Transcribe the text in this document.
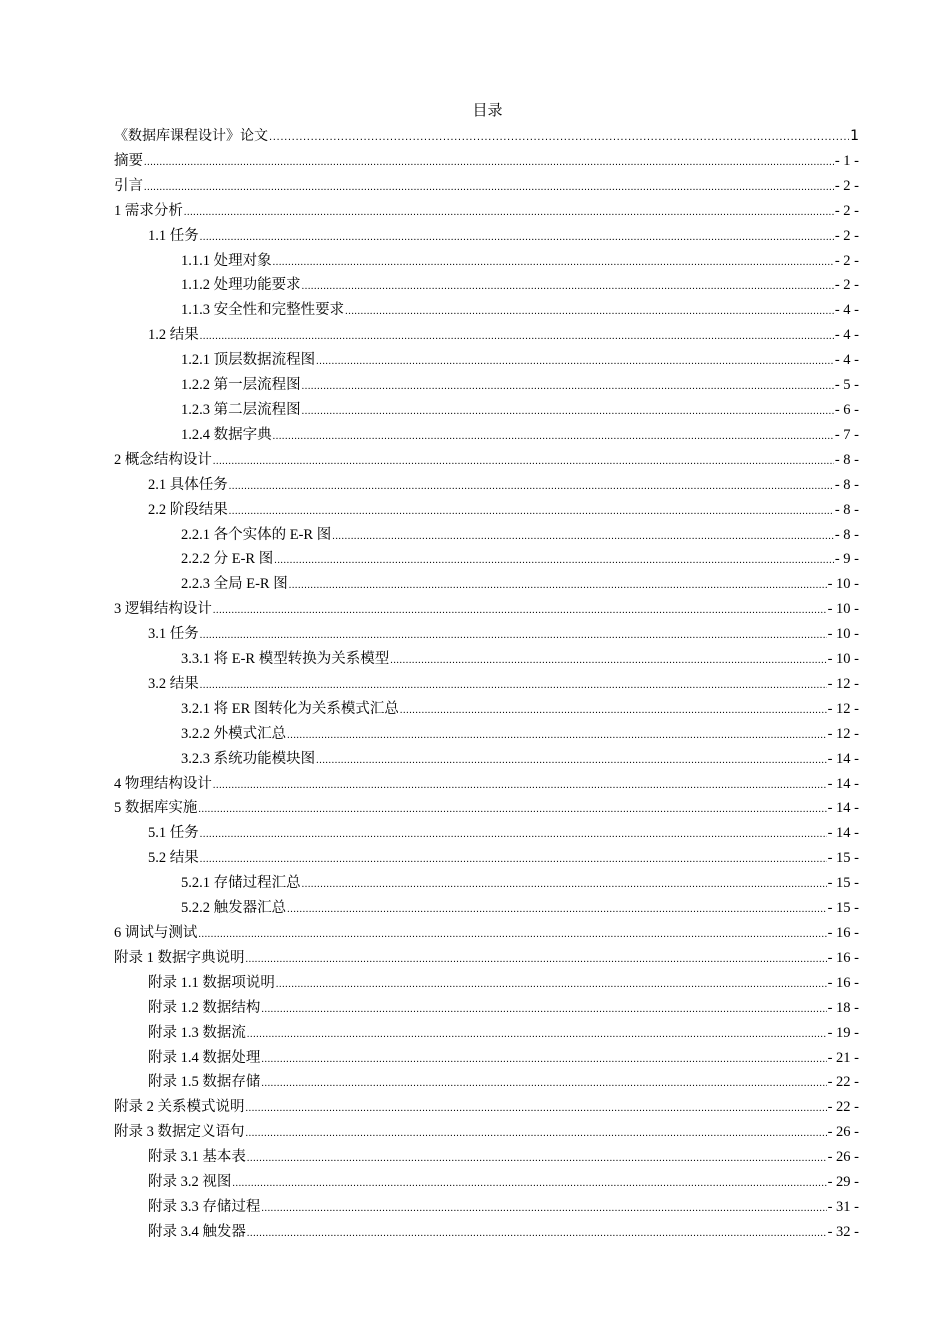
目录
《数据库课程设计》论文 .....	1
摘要 .....	- 1 -
引言 .....	- 2 -
1 需求分析 .....	- 2 -
1.1 任务 .....	- 2 -
1.1.1 处理对象 .....	- 2 -
1.1.2 处理功能要求 .....	- 2 -
1.1.3 安全性和完整性要求 .....	- 4 -
1.2 结果 .....	- 4 -
1.2.1 顶层数据流程图 .....	- 4 -
1.2.2 第一层流程图 .....	- 5 -
1.2.3 第二层流程图 .....	- 6 -
1.2.4 数据字典 .....	- 7 -
2 概念结构设计 .....	- 8 -
2.1 具体任务 .....	- 8 -
2.2 阶段结果 .....	- 8 -
2.2.1 各个实体的 E-R 图 .....	- 8 -
2.2.2 分 E-R 图 .....	- 9 -
2.2.3 全局 E-R 图 .....	- 10 -
3 逻辑结构设计 .....	- 10 -
3.1 任务 .....	- 10 -
3.3.1 将 E-R 模型转换为关系模型 .....	- 10 -
3.2 结果 .....	- 12 -
3.2.1 将 ER 图转化为关系模式汇总 .....	- 12 -
3.2.2 外模式汇总 .....	- 12 -
3.2.3 系统功能模块图 .....	- 14 -
4 物理结构设计 .....	- 14 -
5 数据库实施 .....	- 14 -
5.1 任务 .....	- 14 -
5.2 结果 .....	- 15 -
5.2.1 存储过程汇总 .....	- 15 -
5.2.2 触发器汇总 .....	- 15 -
6 调试与测试 .....	- 16 -
附录 1 数据字典说明 .....	- 16 -
附录 1.1 数据项说明 .....	- 16 -
附录 1.2 数据结构 .....	- 18 -
附录 1.3 数据流 .....	- 19 -
附录 1.4 数据处理 .....	- 21 -
附录 1.5 数据存储 .....	- 22 -
附录 2 关系模式说明 .....	- 22 -
附录 3 数据定义语句 .....	- 26 -
附录 3.1 基本表 .....	- 26 -
附录 3.2 视图 .....	- 29 -
附录 3.3 存储过程 .....	- 31 -
附录 3.4 触发器 .....	- 32 -
